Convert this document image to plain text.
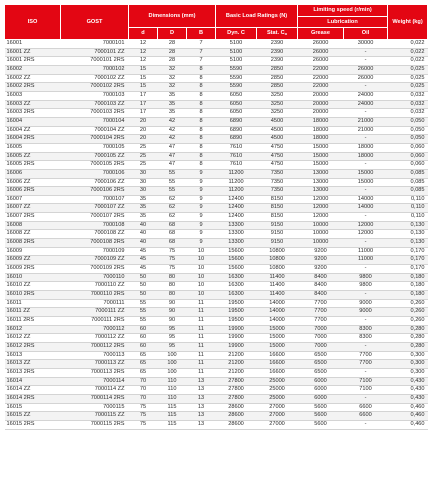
ISO	GOST	Dimensions (mm)			Basic Load Ratings (N)		Limiting speed (r/min)		Weight (kg)
							Lubrication		
		d	D	B	Dyn. C	Stat. $C_o$	Grease	Oil	
16001	7000101	12	28	7	5100	2390	26000	30000	0,022
16001 ZZ	7000101 ZZ	12	28	7	5100	2390	26000	-	0,022
16001 2RS	7000101 2RS	12	28	7	5100	2390	26000	-	0,022
16002	7000102	15	32	8	5590	2850	22000	26000	0,025
16002 ZZ	7000102 ZZ	15	32	8	5590	2850	22000	26000	0,025
16002 2RS	7000102 2RS	15	32	8	5590	2850	22000	-	0,025
16003	7000103	17	35	8	6050	3250	20000	24000	0,032
16003 ZZ	7000103 ZZ	17	35	8	6050	3250	20000	24000	0,032
16003 2RS	7000103 2RS	17	35	8	6050	3250	20000	-	0,032
16004	7000104	20	42	8	6890	4500	18000	21000	0,050
16004 ZZ	7000104 ZZ	20	42	8	6890	4500	18000	21000	0,050
16004 2RS	7000104 2RS	20	42	8	6890	4500	18000	-	0,050
16005	7000105	25	47	8	7610	4750	15000	18000	0,060
16005 ZZ	7000105 ZZ	25	47	8	7610	4750	15000	18000	0,060
16005 2RS	7000105 2RS	25	47	8	7610	4750	15000	-	0,060
16006	7000106	30	55	9	11200	7350	13000	15000	0,085
16006 ZZ	7000106 ZZ	30	55	9	11200	7350	13000	15000	0,085
16006 2RS	7000106 2RS	30	55	9	11200	7350	13000	-	0,085
16007	7000107	35	62	9	12400	8150	12000	14000	0,110
16007 ZZ	7000107 ZZ	35	62	9	12400	8150	12000	14000	0,110
16007 2RS	7000107 2RS	35	62	9	12400	8150	12000	-	0,110
16008	7000108	40	68	9	13300	9150	10000	12000	0,130
16008 ZZ	7000108 ZZ	40	68	9	13300	9150	10000	12000	0,130
16008 2RS	7000108 2RS	40	68	9	13300	9150	10000	-	0,130
16009	7000109	45	75	10	15600	10800	9200	11000	0,170
16009 ZZ	7000109 ZZ	45	75	10	15600	10800	9200	11000	0,170
16009 2RS	7000109 2RS	45	75	10	15600	10800	9200	-	0,170
16010	7000110	50	80	10	16300	11400	8400	9800	0,180
16010 ZZ	7000110 ZZ	50	80	10	16300	11400	8400	9800	0,180
16010 2RS	7000110 2RS	50	80	10	16300	11400	8400	-	0,180
16011	7000111	55	90	11	19500	14000	7700	9000	0,260
16011 ZZ	7000111 ZZ	55	90	11	19500	14000	7700	9000	0,260
16011 2RS	7000111 2RS	55	90	11	19500	14000	7700	-	0,260
16012	7000112	60	95	11	19900	15000	7000	8300	0,280
16012 ZZ	7000112 ZZ	60	95	11	19900	15000	7000	8300	0,280
16012 2RS	7000112 2RS	60	95	11	19900	15000	7000	-	0,280
16013	7000113	65	100	11	21200	16600	6500	7700	0,300
16013 ZZ	7000113 ZZ	65	100	11	21200	16600	6500	7700	0,300
16013 2RS	7000113 2RS	65	100	11	21200	16600	6500	-	0,300
16014	7000114	70	110	13	27800	25000	6000	7100	0,430
16014 ZZ	7000114 ZZ	70	110	13	27800	25000	6000	7100	0,430
16014 2RS	7000114 2RS	70	110	13	27800	25000	6000	-	0,430
16015	7000115	75	115	13	28600	27000	5600	6600	0,460
16015 ZZ	7000115 ZZ	75	115	13	28600	27000	5600	6600	0,460
16015 2RS	7000115 2RS	75	115	13	28600	27000	5600	-	0,460
